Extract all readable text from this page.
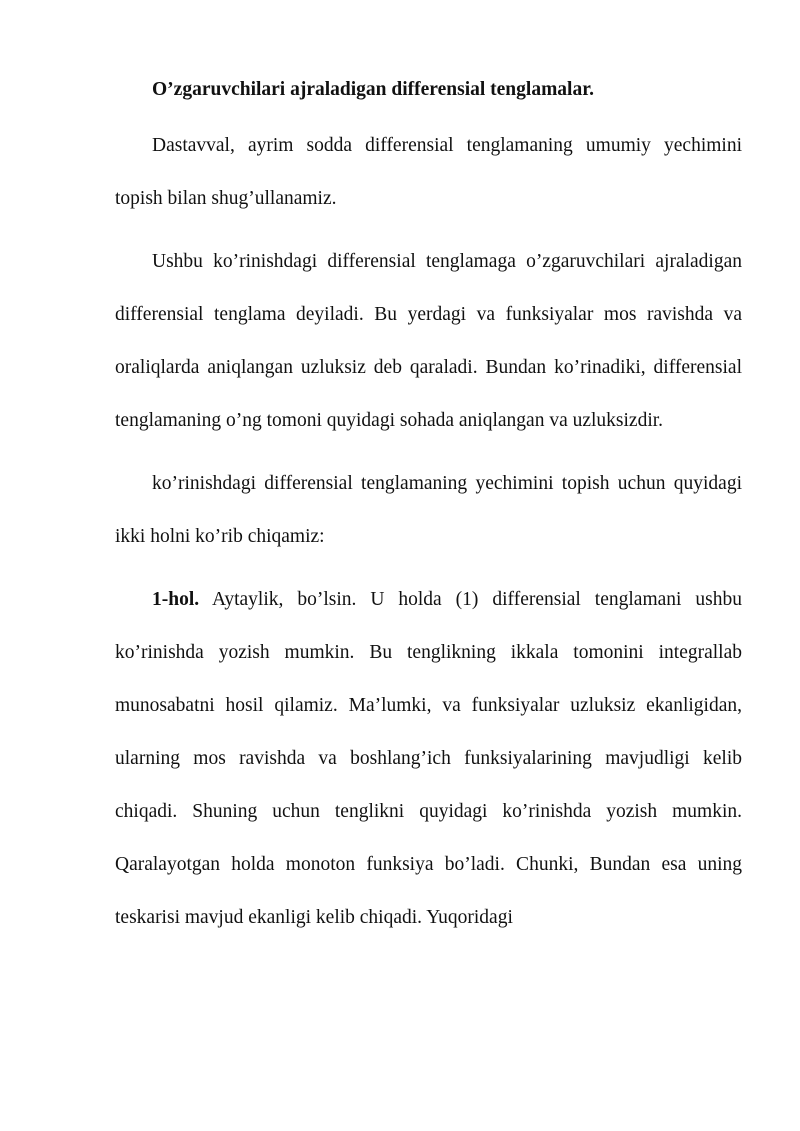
O’zgaruvchilari ajraladigan differensial tenglamalar.

Dastavval, ayrim sodda differensial tenglamaning umumiy yechimini topish bilan shug’ullanamiz.

Ushbu ko’rinishdagi differensial tenglamaga o’zgaruvchilari ajraladigan differensial tenglama deyiladi. Bu yerdagi va funksiyalar mos ravishda va oraliqlarda aniqlangan uzluksiz deb qaraladi. Bundan ko’rinadiki, differensial tenglamaning o’ng tomoni quyidagi sohada aniqlangan va uzluksizdir.

ko’rinishdagi differensial tenglamaning yechimini topish uchun quyidagi ikki holni ko’rib chiqamiz:

1-hol. Aytaylik, bo’lsin. U holda (1) differensial tenglamani ushbu ko’rinishda yozish mumkin. Bu tenglikning ikkala tomonini integrallab munosabatni hosil qilamiz. Ma’lumki, va funksiyalar uzluksiz ekanligidan, ularning mos ravishda va boshlang’ich funksiyalarining mavjudligi kelib chiqadi. Shuning uchun tenglikni quyidagi ko’rinishda yozish mumkin. Qaralayotgan holda monoton funksiya bo’ladi. Chunki, Bundan esa uning teskarisi mavjud ekanligi kelib chiqadi. Yuqoridagi
